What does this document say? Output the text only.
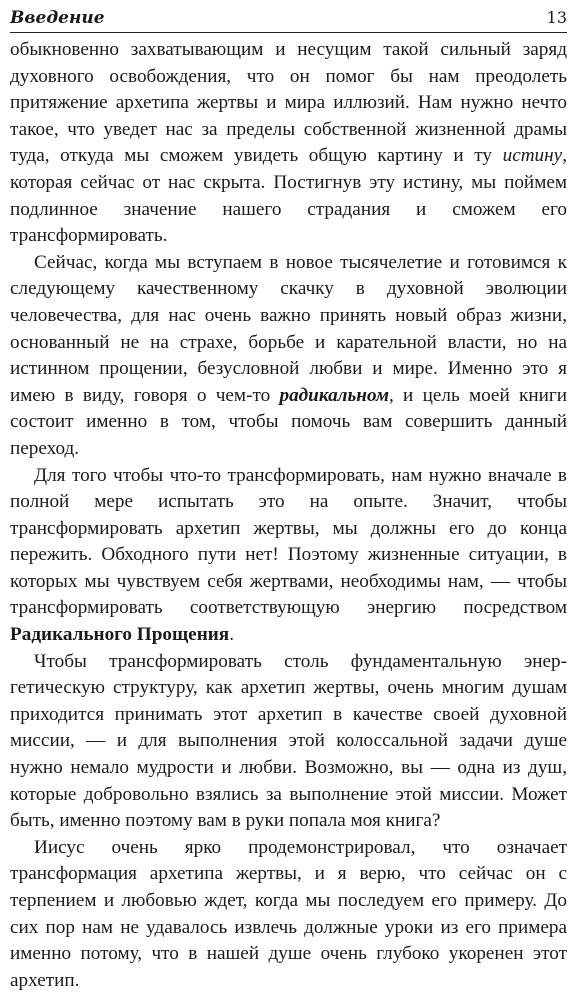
Введение	13

обыкновенно захватывающим и несущим такой сильный заряд духовного освобождения, что он помог бы нам преодолеть притяжение архетипа жертвы и мира иллюзий. Нам нужно нечто такое, что уведет нас за пределы собственной жизненной драмы туда, откуда мы сможем увидеть общую картину и ту истину, которая сейчас от нас скрыта. Постигнув эту истину, мы поймем подлинное значение нашего страдания и сможем его трансформировать.

Сейчас, когда мы вступаем в новое тысячелетие и готовимся к следующему качественному скачку в духовной эволюции человечества, для нас очень важно принять новый образ жизни, основанный не на страхе, борьбе и карательной власти, но на истинном прощении, безусловной любви и мире. Именно это я имею в виду, говоря о чем-то радикальном, и цель моей книги состоит именно в том, чтобы помочь вам совершить данный переход.

Для того чтобы что-то трансформировать, нам нужно вначале в полной мере испытать это на опыте. Значит, чтобы трансформировать архетип жертвы, мы должны его до конца пережить. Обходного пути нет! Поэтому жизненные ситуации, в которых мы чувствуем себя жертвами, необходимы нам, — чтобы трансформировать соответствующую энергию посредством Радикального Прощения.

Чтобы трансформировать столь фундаментальную энергетическую структуру, как архетип жертвы, очень многим душам приходится принимать этот архетип в качестве своей духовной миссии, — и для выполнения этой колоссальной задачи душе нужно немало мудрости и любви. Возможно, вы — одна из душ, которые добровольно взялись за выполнение этой миссии. Может быть, именно поэтому вам в руки попала моя книга?

Иисус очень ярко продемонстрировал, что означает трансформация архетипа жертвы, и я верю, что сейчас он с терпением и любовью ждет, когда мы последуем его примеру. До сих пор нам не удавалось извлечь должные уроки из его примера именно потому, что в нашей душе очень глубоко укоренен этот архетип.
